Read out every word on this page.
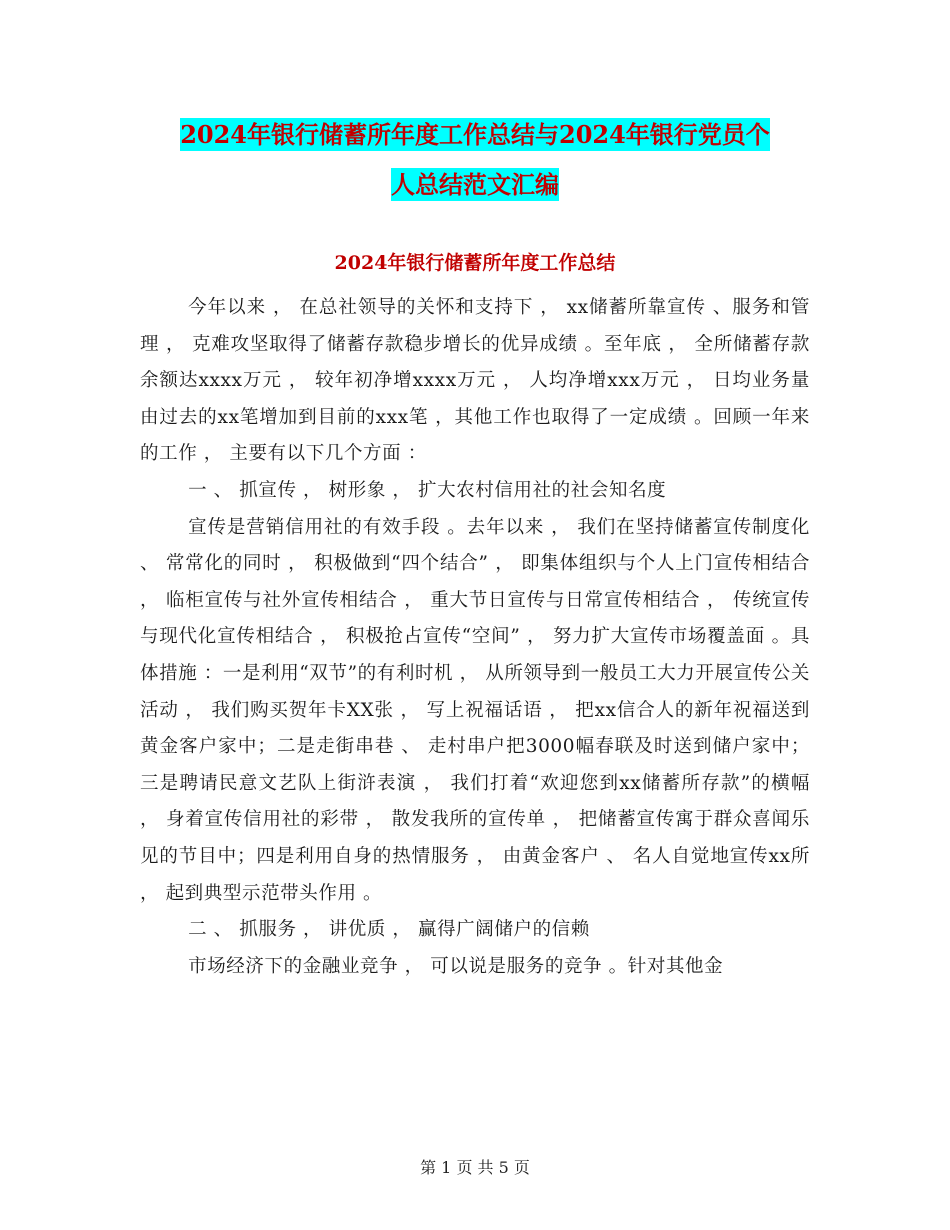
2024年银行储蓄所年度工作总结与2024年银行党员个
人总结范文汇编
2024年银行储蓄所年度工作总结

今年以来 ， 在总社领导的关怀和支持下 ， xx储蓄所靠宣传 、服务和管理 ， 克难攻坚取得了储蓄存款稳步增长的优异成绩 。至年底 ， 全所储蓄存款余额达xxxx万元 ， 较年初净增xxxx万元 ， 人均净增xxx万元 ， 日均业务量由过去的xx笔增加到目前的xxx笔 ，其他工作也取得了一定成绩 。回顾一年来的工作 ， 主要有以下几个方面 ：

一 、 抓宣传 ， 树形象 ， 扩大农村信用社的社会知名度

宣传是营销信用社的有效手段 。去年以来 ， 我们在坚持储蓄宣传制度化 、 常常化的同时 ， 积极做到“四个结合” ， 即集体组织与个人上门宣传相结合 ， 临柜宣传与社外宣传相结合 ， 重大节日宣传与日常宣传相结合 ， 传统宣传与现代化宣传相结合 ， 积极抢占宣传“空间” ， 努力扩大宣传市场覆盖面 。具体措施 ：一是利用“双节”的有利时机 ， 从所领导到一般员工大力开展宣传公关活动 ， 我们购买贺年卡XX张 ， 写上祝福话语 ， 把xx信合人的新年祝福送到黄金客户家中；二是走街串巷 、 走村串户把3000幅春联及时送到储户家中；三是聘请民意文艺队上街浒表演 ， 我们打着“欢迎您到xx储蓄所存款”的横幅 ， 身着宣传信用社的彩带 ， 散发我所的宣传单 ， 把储蓄宣传寓于群众喜闻乐见的节目中；四是利用自身的热情服务 ， 由黄金客户 、 名人自觉地宣传xx所 ， 起到典型示范带头作用 。

二 、 抓服务 ， 讲优质 ， 赢得广阔储户的信赖

市场经济下的金融业竞争 ， 可以说是服务的竞争 。针对其他金

第 1 页 共 5 页
